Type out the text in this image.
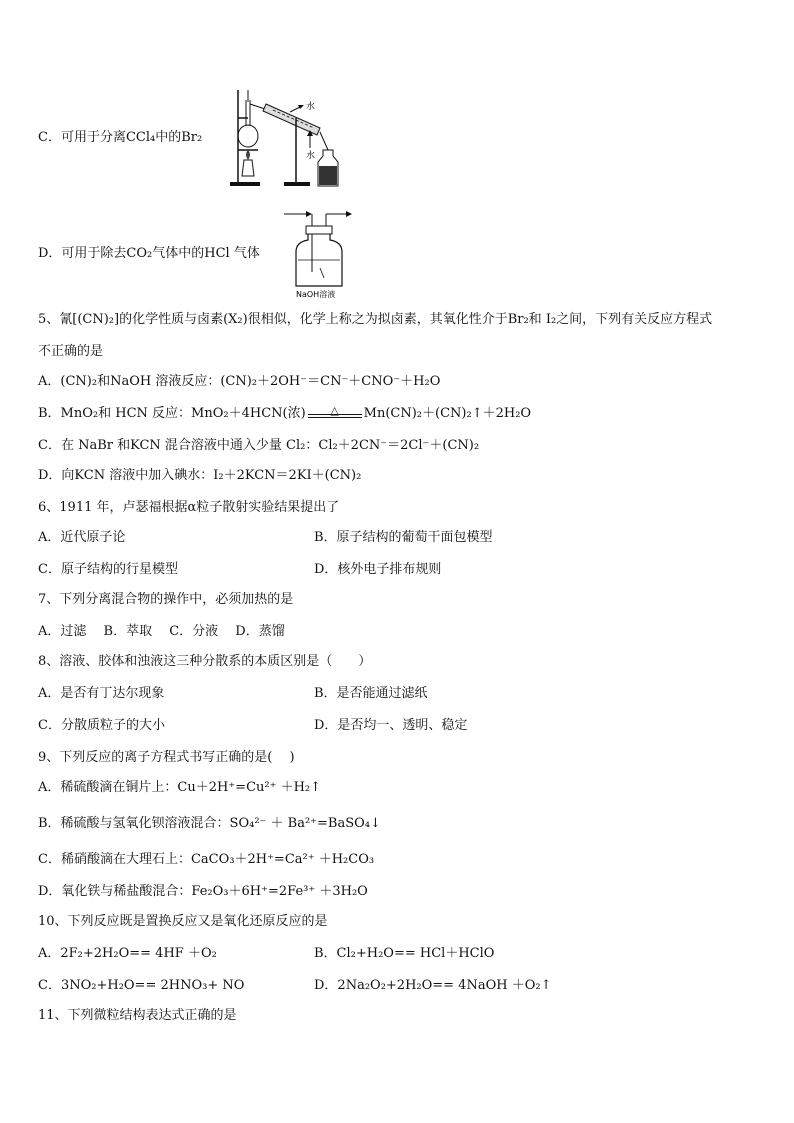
C．可用于分离CCl₄中的Br₂
水
水
D．可用于除去CO₂气体中的HCl 气体
NaOH溶液
5、氰[(CN)₂]的化学性质与卤素(X₂)很相似，化学上称之为拟卤素，其氧化性介于Br₂和 I₂之间，下列有关反应方程式
不正确的是
A．(CN)₂和NaOH 溶液反应：(CN)₂＋2OH⁻＝CN⁻＋CNO⁻＋H₂O
B．MnO₂和 HCN 反应：MnO₂＋4HCN(浓)	△	Mn(CN)₂＋(CN)₂↑＋2H₂O
C．在 NaBr 和KCN 混合溶液中通入少量 Cl₂：Cl₂＋2CN⁻＝2Cl⁻＋(CN)₂
D．向KCN 溶液中加入碘水：I₂＋2KCN＝2KI＋(CN)₂
6、1911 年，卢瑟福根据α粒子散射实验结果提出了
A．近代原子论	B．原子结构的葡萄干面包模型
C．原子结构的行星模型	D．核外电子排布规则
7、下列分离混合物的操作中，必须加热的是
A．过滤　 B．萃取　 C．分液　 D．蒸馏
8、溶液、胶体和浊液这三种分散系的本质区别是（　　）
A．是否有丁达尔现象	B．是否能通过滤纸
C．分散质粒子的大小	D．是否均一、透明、稳定
9、下列反应的离子方程式书写正确的是(　 )
A．稀硫酸滴在铜片上：Cu＋2H⁺=Cu²⁺ ＋H₂↑
B．稀硫酸与氢氧化钡溶液混合：SO₄²⁻ ＋ Ba²⁺=BaSO₄↓
C．稀硝酸滴在大理石上：CaCO₃＋2H⁺=Ca²⁺ ＋H₂CO₃
D．氧化铁与稀盐酸混合：Fe₂O₃＋6H⁺=2Fe³⁺ ＋3H₂O
10、下列反应既是置换反应又是氧化还原反应的是
A．2F₂+2H₂O== 4HF ＋O₂	B．Cl₂+H₂O== HCl＋HClO
C．3NO₂+H₂O== 2HNO₃+ NO	D．2Na₂O₂+2H₂O== 4NaOH ＋O₂↑
11、下列微粒结构表达式正确的是
